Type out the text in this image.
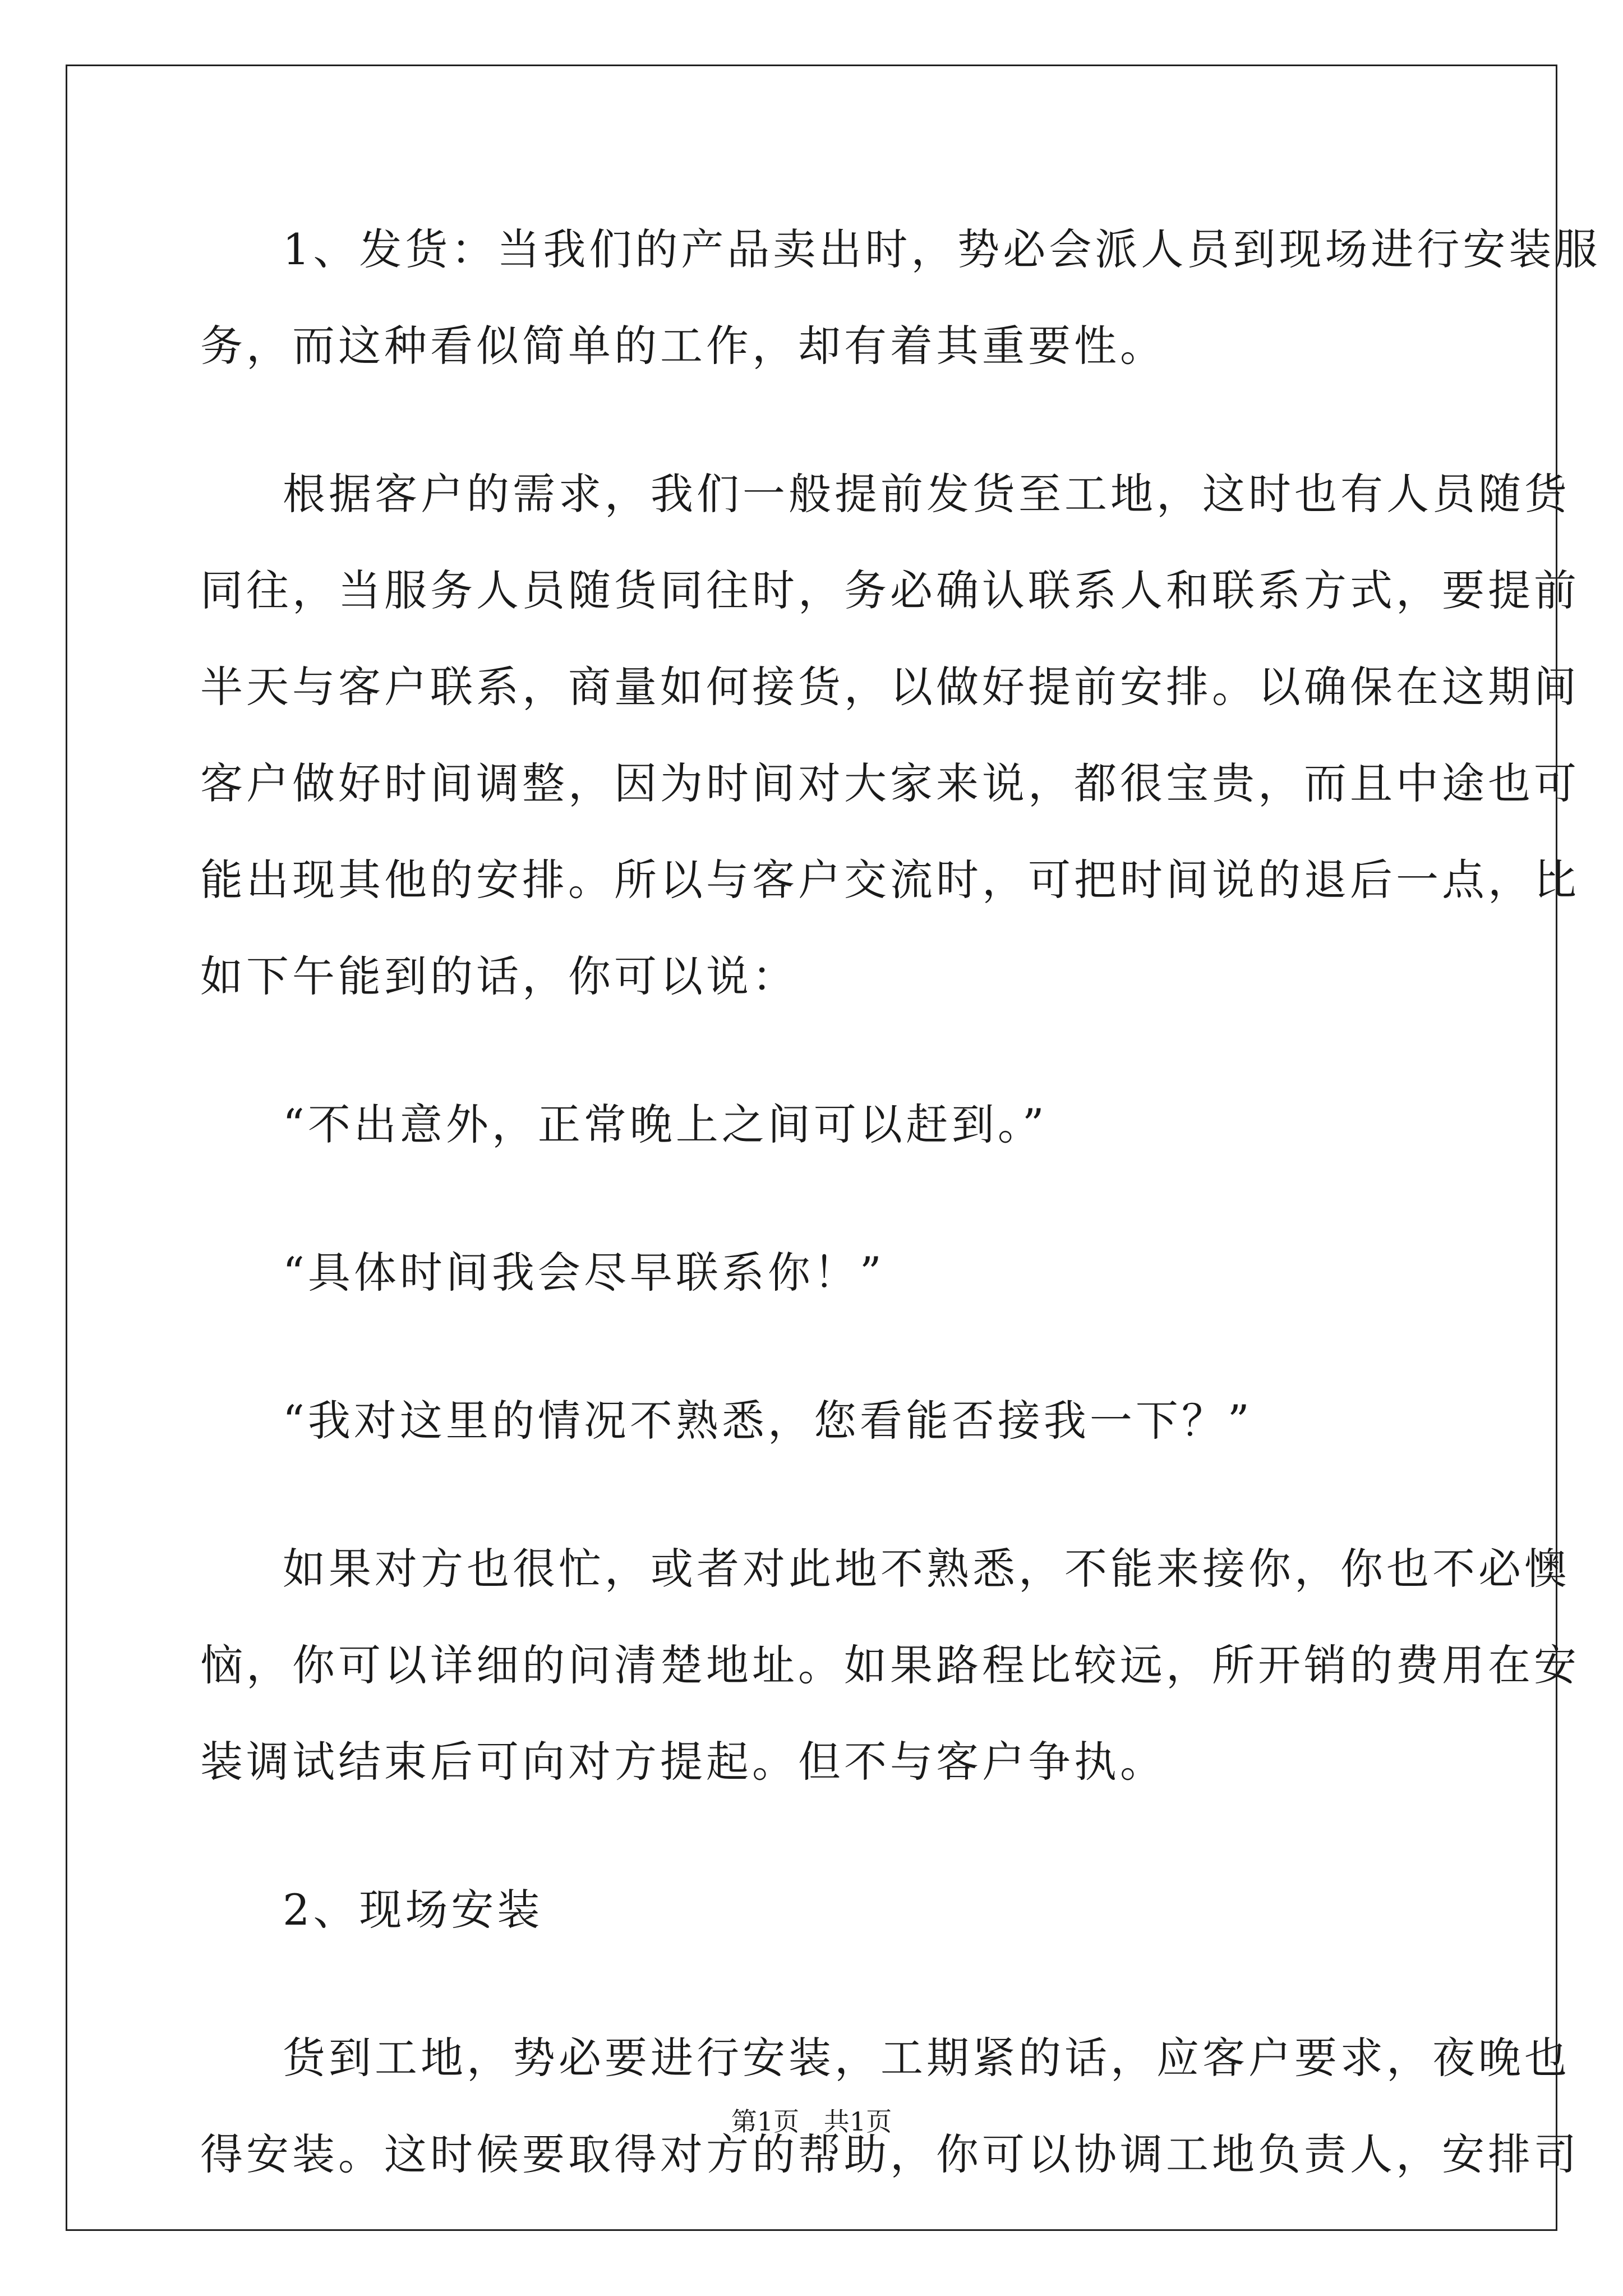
1、发货：当我们的产品卖出时，势必会派人员到现场进行安装服
务，而这种看似简单的工作，却有着其重要性。
根据客户的需求，我们一般提前发货至工地，这时也有人员随货
同往，当服务人员随货同往时，务必确认联系人和联系方式，要提前
半天与客户联系，商量如何接货，以做好提前安排。以确保在这期间
客户做好时间调整，因为时间对大家来说，都很宝贵，而且中途也可
能出现其他的安排。所以与客户交流时，可把时间说的退后一点，比
如下午能到的话，你可以说：
“不出意外，正常晚上之间可以赶到。”
“具体时间我会尽早联系你！”
“我对这里的情况不熟悉，您看能否接我一下？”
如果对方也很忙，或者对此地不熟悉，不能来接你，你也不必懊
恼，你可以详细的问清楚地址。如果路程比较远，所开销的费用在安
装调试结束后可向对方提起。但不与客户争执。
2、现场安装
货到工地，势必要进行安装，工期紧的话，应客户要求，夜晚也
得安装。这时候要取得对方的帮助，你可以协调工地负责人，安排司
第1页   共1页
